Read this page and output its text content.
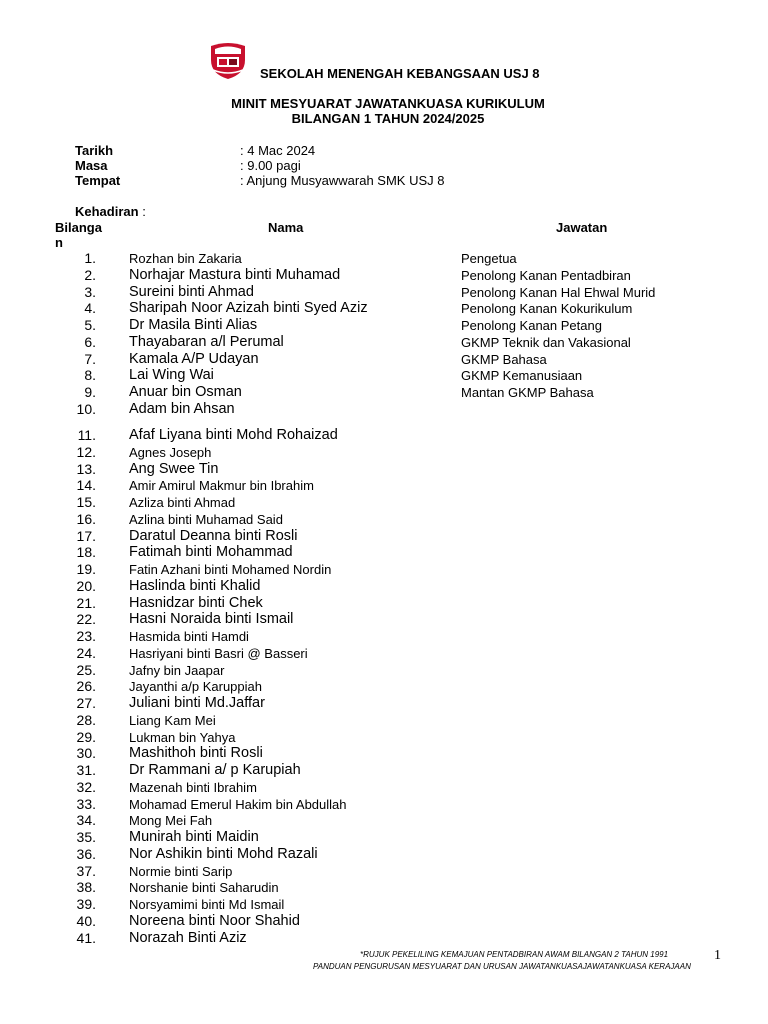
SEKOLAH MENENGAH KEBANGSAAN USJ 8
MINIT MESYUARAT JAWATANKUASA KURIKULUM
BILANGAN 1 TAHUN 2024/2025
Tarikh	: 4 Mac 2024
Masa	: 9.00 pagi
Tempat	: Anjung Musyawwarah SMK USJ 8
Kehadiran :
Bilanga
n
Nama	Jawatan
1.	Rozhan bin Zakaria	Pengetua
2. Norhajar Mastura binti Muhamad	Penolong Kanan Pentadbiran
3. Sureini binti Ahmad	Penolong Kanan Hal Ehwal Murid
4. Sharipah Noor Azizah binti Syed Aziz	Penolong Kanan Kokurikulum
5. Dr Masila Binti Alias	Penolong Kanan Petang
6. Thayabaran a/l Perumal	GKMP Teknik dan Vakasional
7. Kamala A/P Udayan	GKMP Bahasa
8. Lai Wing Wai	GKMP Kemanusiaan
9. Anuar bin Osman	Mantan GKMP Bahasa
10. Adam bin Ahsan
11. Afaf Liyana binti Mohd Rohaizad
12.	Agnes Joseph
13. Ang Swee Tin
14.	Amir Amirul Makmur bin Ibrahim
15.	Azliza binti Ahmad
16.	Azlina binti Muhamad Said
17. Daratul Deanna binti Rosli
18. Fatimah binti Mohammad
19.	Fatin Azhani binti Mohamed Nordin
20. Haslinda binti Khalid
21. Hasnidzar binti Chek
22. Hasni Noraida binti Ismail
23.	Hasmida binti Hamdi
24.	Hasriyani binti Basri @ Basseri
25.	Jafny bin Jaapar
26.	Jayanthi a/p Karuppiah
27. Juliani binti Md.Jaffar
28.	Liang Kam Mei
29.	Lukman bin Yahya
30. Mashithoh binti Rosli
31. Dr Rammani a/ p Karupiah
32.	Mazenah binti Ibrahim
33.	Mohamad Emerul Hakim bin Abdullah
34.	Mong Mei Fah
35. Munirah binti Maidin
36. Nor Ashikin binti Mohd Razali
37.	Normie binti Sarip
38.	Norshanie binti Saharudin
39.	Norsyamimi binti Md Ismail
40. Noreena binti Noor Shahid
41. Norazah Binti Aziz
*RUJUK PEKELILING KEMAJUAN PENTADBIRAN AWAM BILANGAN 2 TAHUN 1991
PANDUAN PENGURUSAN MESYUARAT DAN URUSAN JAWATANKUASAJAWATANKUASA KERAJAAN
1
